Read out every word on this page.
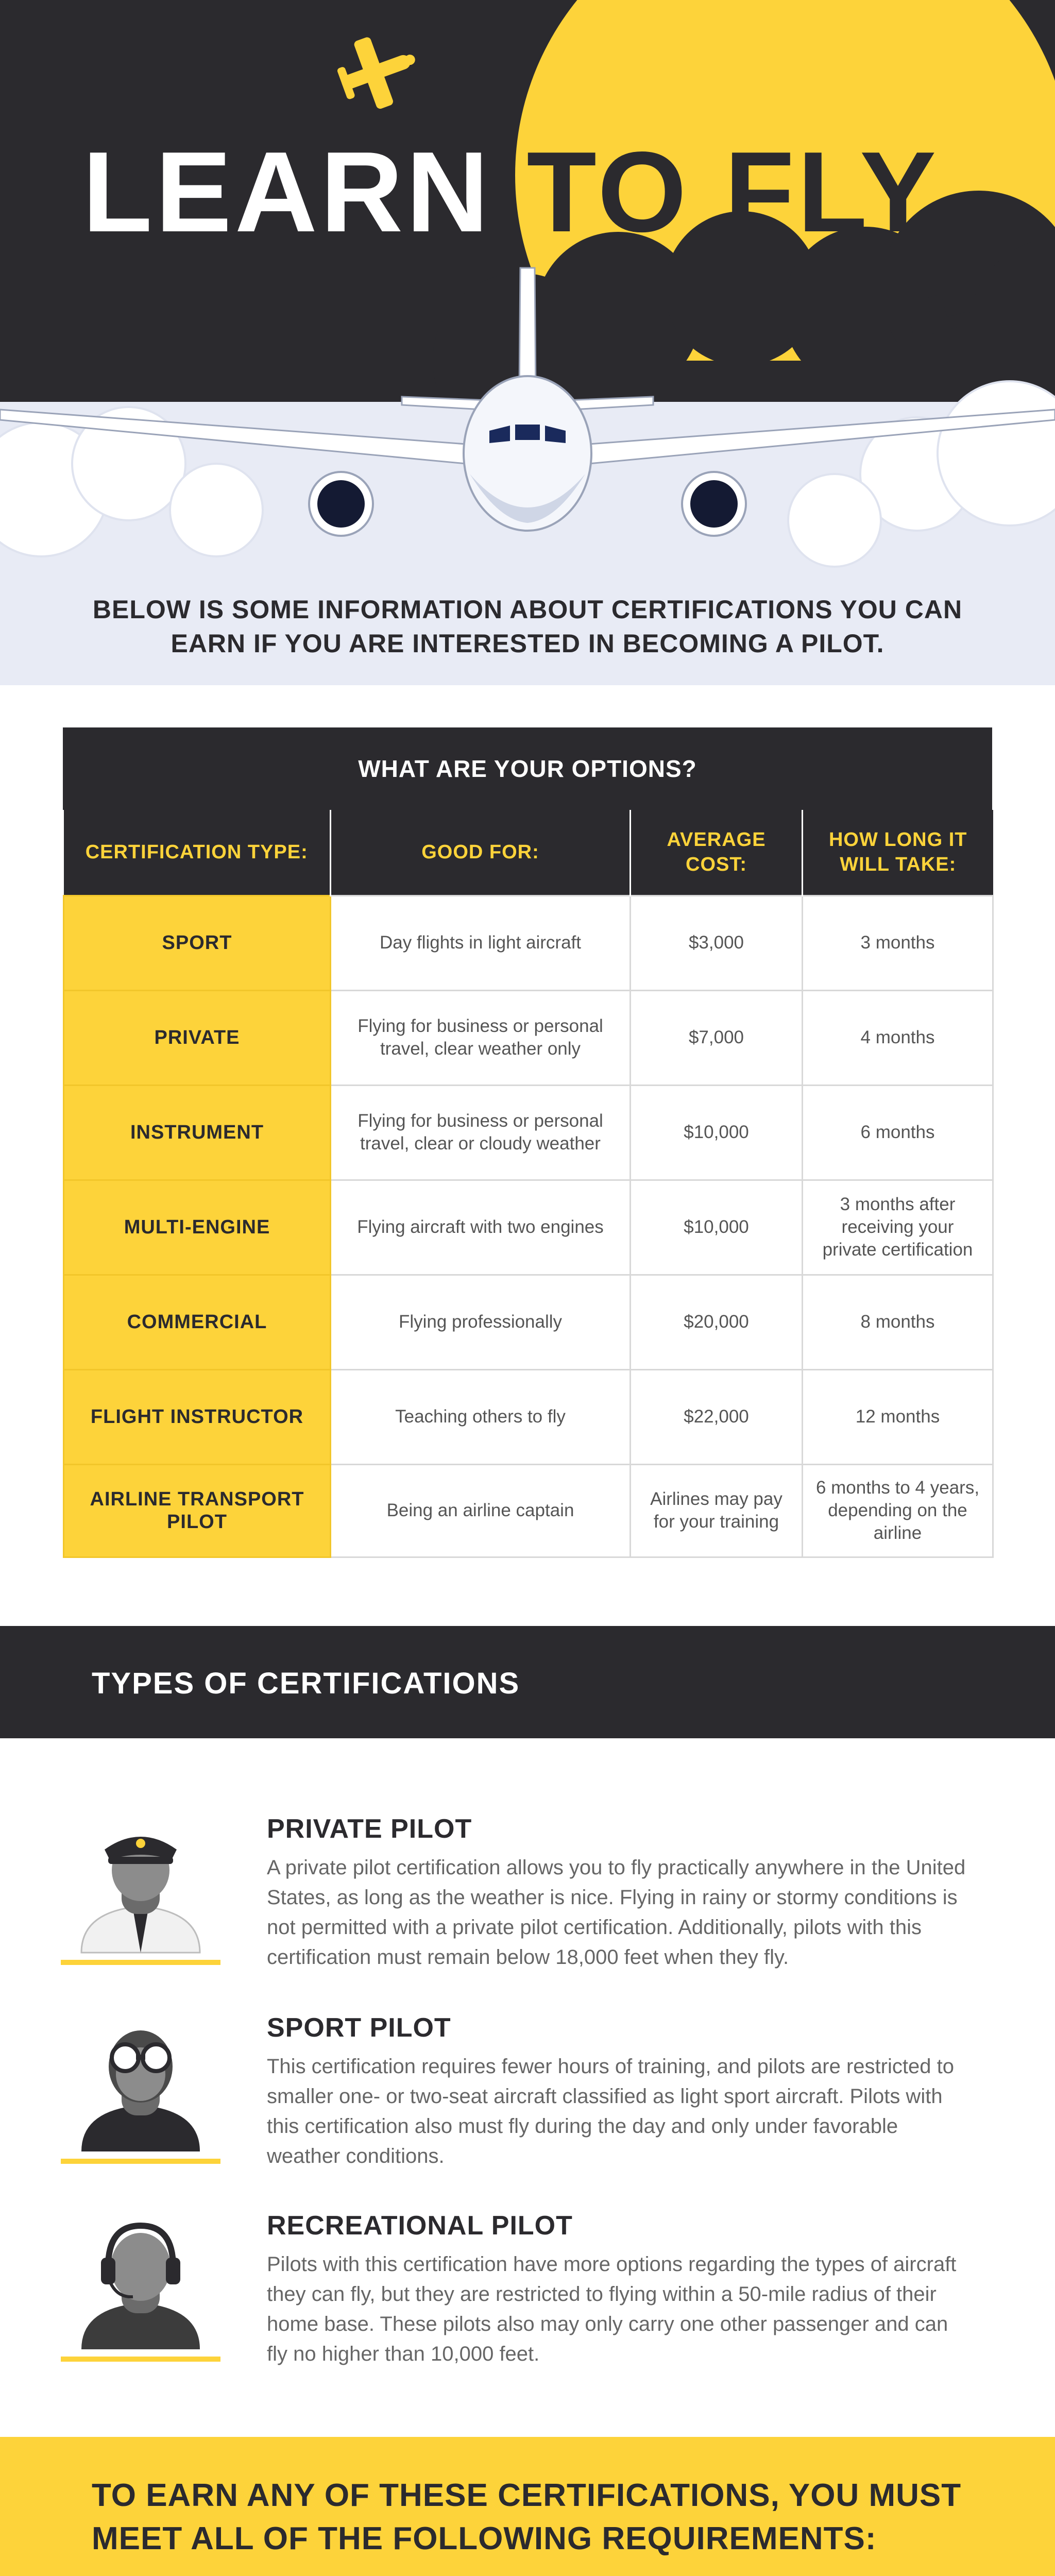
LEARN TO FLY
BELOW IS SOME INFORMATION ABOUT CERTIFICATIONS YOU CAN EARN IF YOU ARE INTERESTED IN BECOMING A PILOT.
WHAT ARE YOUR OPTIONS?
CERTIFICATION TYPE:	GOOD FOR:	AVERAGE COST:	HOW LONG IT WILL TAKE:
SPORT	Day flights in light aircraft	$3,000	3 months
PRIVATE	Flying for business or personal travel, clear weather only	$7,000	4 months
INSTRUMENT	Flying for business or personal travel, clear or cloudy weather	$10,000	6 months
MULTI-ENGINE	Flying aircraft with two engines	$10,000	3 months after receiving your private certification
COMMERCIAL	Flying professionally	$20,000	8 months
FLIGHT INSTRUCTOR	Teaching others to fly	$22,000	12 months
AIRLINE TRANSPORT PILOT	Being an airline captain	Airlines may pay for your training	6 months to 4 years, depending on the airline
TYPES OF CERTIFICATIONS
PRIVATE PILOT
A private pilot certification allows you to fly practically anywhere in the United States, as long as the weather is nice. Flying in rainy or stormy conditions is not permitted with a private pilot certification. Additionally, pilots with this certification must remain below 18,000 feet when they fly.
SPORT PILOT
This certification requires fewer hours of training, and pilots are restricted to smaller one- or two-seat aircraft classified as light sport aircraft. Pilots with this certification also must fly during the day and only under favorable weather conditions.
RECREATIONAL PILOT
Pilots with this certification have more options regarding the types of aircraft they can fly, but they are restricted to flying within a 50-mile radius of their home base. These pilots also may only carry one other passenger and can fly no higher than 10,000 feet.
TO EARN ANY OF THESE CERTIFICATIONS, YOU MUST MEET ALL OF THE FOLLOWING REQUIREMENTS:
